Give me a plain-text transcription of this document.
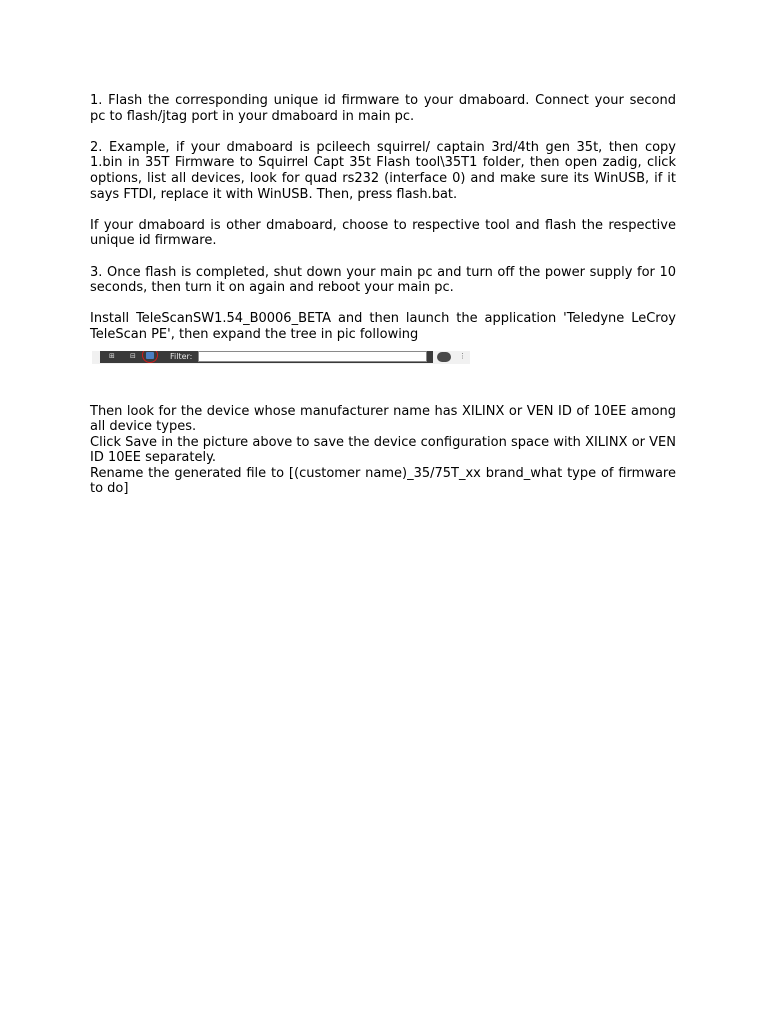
1. Flash the corresponding unique id firmware to your dmaboard. Connect your second pc to flash/jtag port in your dmaboard in main pc.

2. Example, if your dmaboard is pcileech squirrel/ captain 3rd/4th gen 35t, then copy 1.bin in 35T Firmware to Squirrel Capt 35t Flash tool\35T1 folder, then open zadig, click options, list all devices, look for quad rs232 (interface 0) and make sure its WinUSB, if it says FTDI, replace it with WinUSB. Then, press flash.bat.

If your dmaboard is other dmaboard, choose to respective tool and flash the respective unique id firmware.

3. Once flash is completed, shut down your main pc and turn off the power supply for 10 seconds, then turn it on again and reboot your main pc.

Install TeleScanSW1.54_B0006_BETA and then launch the application 'Teledyne LeCroy TeleScan PE', then expand the tree in pic following

⊞	⊟	Filter:	⋮

Then look for the device whose manufacturer name has XILINX or VEN ID of 10EE among all device types.

Click Save in the picture above to save the device configuration space with XILINX or VEN ID 10EE separately.

Rename the generated file to [(customer name)_35/75T_xx brand_what type of firmware to do]
